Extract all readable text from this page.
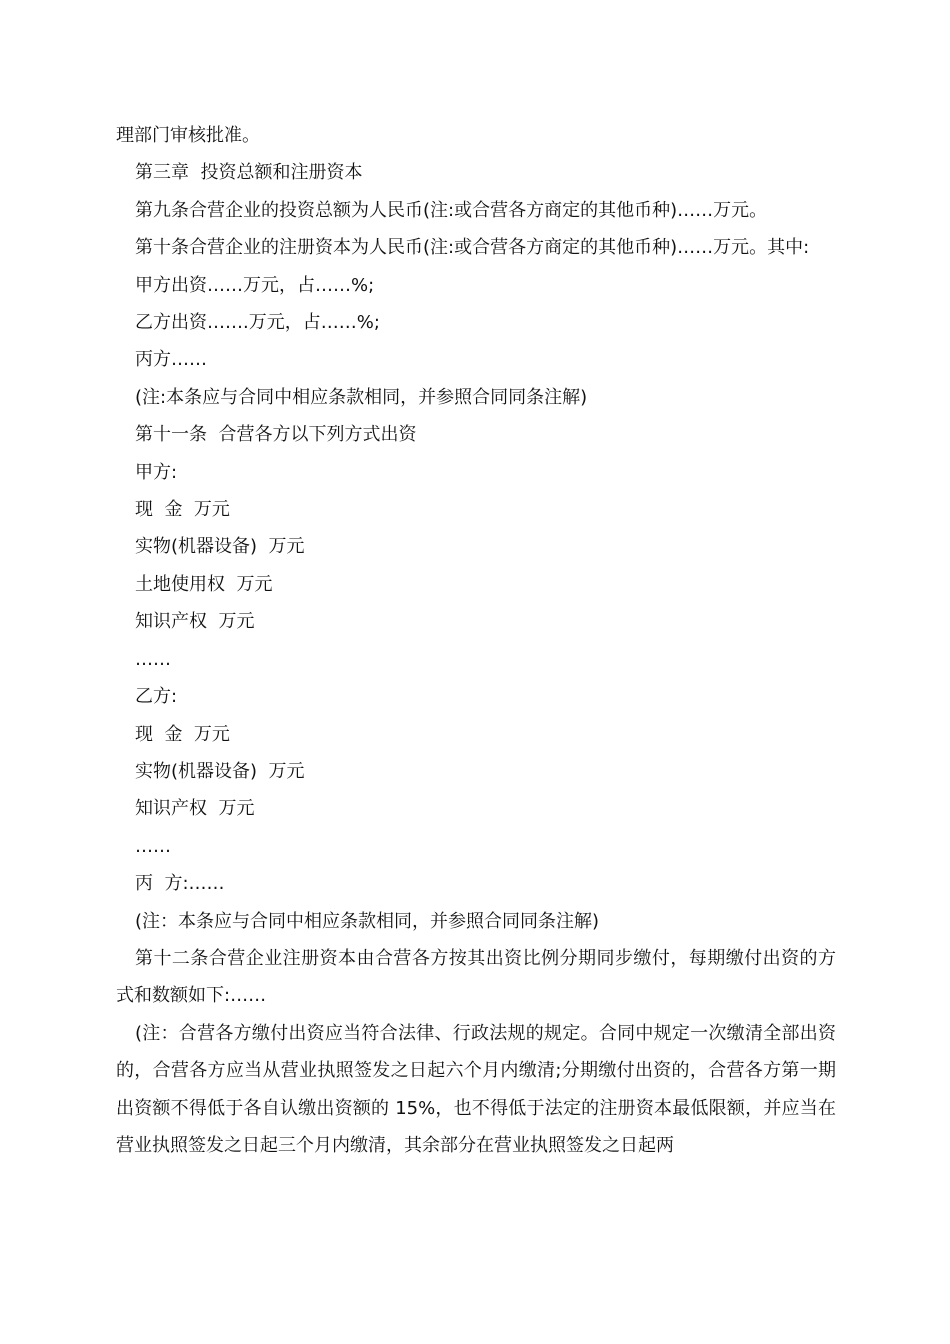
理部门审核批准。

第三章  投资总额和注册资本

第九条合营企业的投资总额为人民币(注:或合营各方商定的其他币种)……万元。

第十条合营企业的注册资本为人民币(注:或合营各方商定的其他币种)……万元。其中:

甲方出资……万元，占……%;

乙方出资…….万元，占……%;

丙方……

(注:本条应与合同中相应条款相同，并参照合同同条注解)

第十一条  合营各方以下列方式出资

甲方:

现  金  万元

实物(机器设备)  万元

土地使用权  万元

知识产权  万元

……

乙方:

现  金  万元

实物(机器设备)  万元

知识产权  万元

……

丙  方:……

(注：本条应与合同中相应条款相同，并参照合同同条注解)

第十二条合营企业注册资本由合营各方按其出资比例分期同步缴付，每期缴付出资的方式和数额如下:……

(注：合营各方缴付出资应当符合法律、行政法规的规定。合同中规定一次缴清全部出资的，合营各方应当从营业执照签发之日起六个月内缴清;分期缴付出资的，合营各方第一期出资额不得低于各自认缴出资额的 15%，也不得低于法定的注册资本最低限额，并应当在营业执照签发之日起三个月内缴清，其余部分在营业执照签发之日起两
